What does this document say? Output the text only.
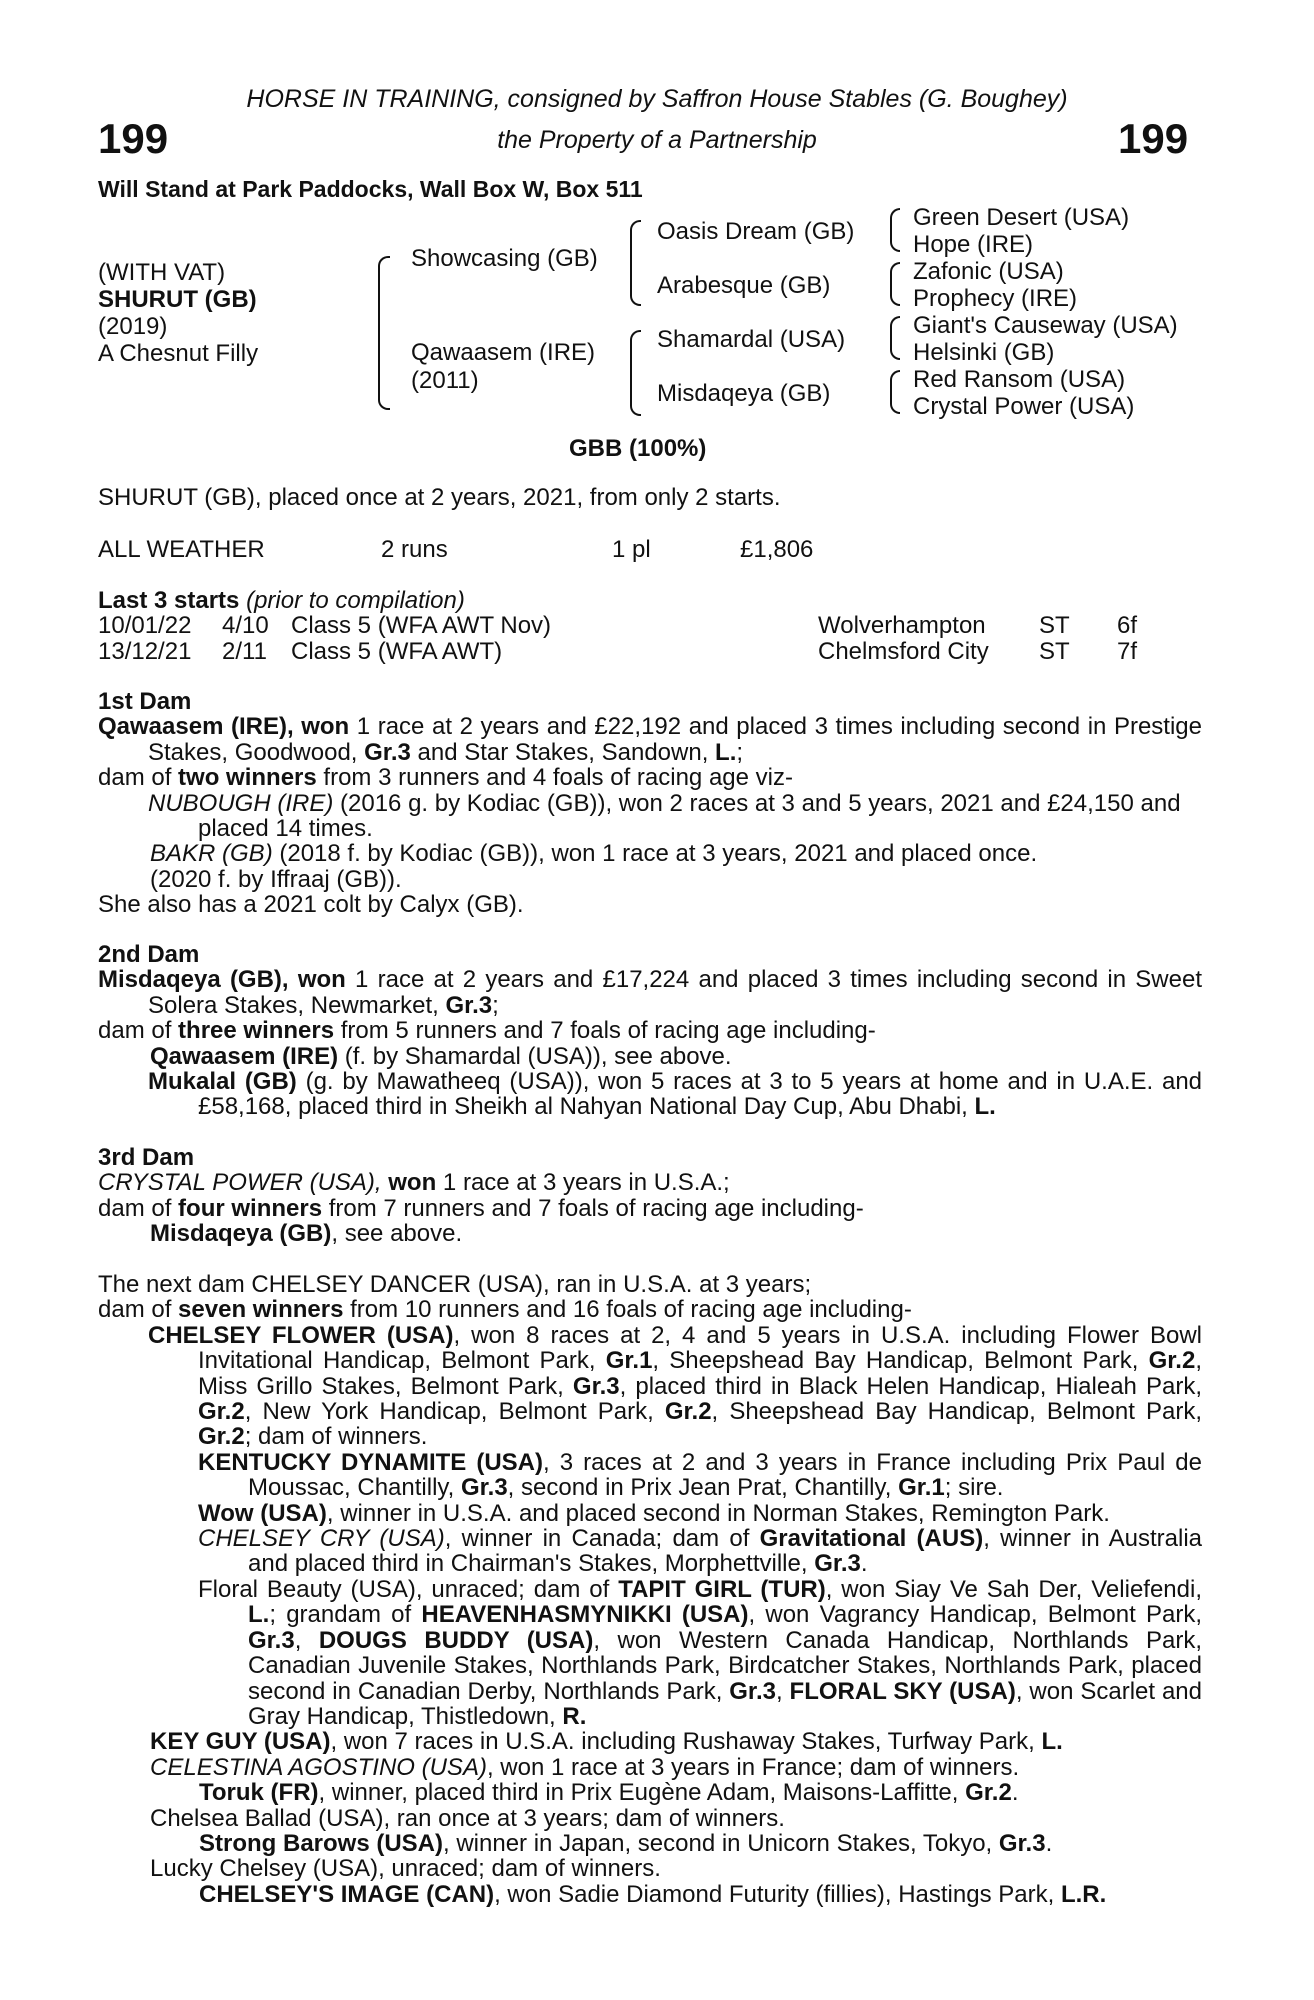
199	199
HORSE IN TRAINING, consigned by Saffron House Stables (G. Boughey)
the Property of a Partnership
Will Stand at Park Paddocks, Wall Box W, Box 511
(WITH VAT)
SHURUT (GB)
(2019)
A Chesnut Filly
Showcasing (GB)
Qawaasem (IRE)
(2011)
Oasis Dream (GB)
Arabesque (GB)
Shamardal (USA)
Misdaqeya (GB)
Green Desert (USA)
Hope (IRE)
Zafonic (USA)
Prophecy (IRE)
Giant's Causeway (USA)
Helsinki (GB)
Red Ransom (USA)
Crystal Power (USA)
GBB (100%)
SHURUT (GB), placed once at 2 years, 2021, from only 2 starts.
ALL WEATHER	2 runs	1 pl	£1,806
Last 3 starts (prior to compilation)
10/01/22 4/10 Class 5 (WFA AWT Nov)	Wolverhampton ST 6f
13/12/21 2/11 Class 5 (WFA AWT)	Chelmsford City ST 7f

1st Dam

Qawaasem (IRE), won 1 race at 2 years and £22,192 and placed 3 times including second in Prestige Stakes, Goodwood, Gr.3 and Star Stakes, Sandown, L.;

dam of two winners from 3 runners and 4 foals of racing age viz-

NUBOUGH (IRE) (2016 g. by Kodiac (GB)), won 2 races at 3 and 5 years, 2021 and £24,150 and placed 14 times.

BAKR (GB) (2018 f. by Kodiac (GB)), won 1 race at 3 years, 2021 and placed once.

(2020 f. by Iffraaj (GB)).

She also has a 2021 colt by Calyx (GB).

2nd Dam

Misdaqeya (GB), won 1 race at 2 years and £17,224 and placed 3 times including second in Sweet Solera Stakes, Newmarket, Gr.3;

dam of three winners from 5 runners and 7 foals of racing age including-

Qawaasem (IRE) (f. by Shamardal (USA)), see above.

Mukalal (GB) (g. by Mawatheeq (USA)), won 5 races at 3 to 5 years at home and in U.A.E. and £58,168, placed third in Sheikh al Nahyan National Day Cup, Abu Dhabi, L.

3rd Dam

CRYSTAL POWER (USA), won 1 race at 3 years in U.S.A.;

dam of four winners from 7 runners and 7 foals of racing age including-

Misdaqeya (GB), see above.

The next dam CHELSEY DANCER (USA), ran in U.S.A. at 3 years;

dam of seven winners from 10 runners and 16 foals of racing age including-

CHELSEY FLOWER (USA), won 8 races at 2, 4 and 5 years in U.S.A. including Flower Bowl Invitational Handicap, Belmont Park, Gr.1, Sheepshead Bay Handicap, Belmont Park, Gr.2, Miss Grillo Stakes, Belmont Park, Gr.3, placed third in Black Helen Handicap, Hialeah Park, Gr.2, New York Handicap, Belmont Park, Gr.2, Sheepshead Bay Handicap, Belmont Park, Gr.2; dam of winners.

KENTUCKY DYNAMITE (USA), 3 races at 2 and 3 years in France including Prix Paul de Moussac, Chantilly, Gr.3, second in Prix Jean Prat, Chantilly, Gr.1; sire.

Wow (USA), winner in U.S.A. and placed second in Norman Stakes, Remington Park.

CHELSEY CRY (USA), winner in Canada; dam of Gravitational (AUS), winner in Australia and placed third in Chairman's Stakes, Morphettville, Gr.3.

Floral Beauty (USA), unraced; dam of TAPIT GIRL (TUR), won Siay Ve Sah Der, Veliefendi, L.; grandam of HEAVENHASMYNIKKI (USA), won Vagrancy Handicap, Belmont Park, Gr.3, DOUGS BUDDY (USA), won Western Canada Handicap, Northlands Park, Canadian Juvenile Stakes, Northlands Park, Birdcatcher Stakes, Northlands Park, placed second in Canadian Derby, Northlands Park, Gr.3, FLORAL SKY (USA), won Scarlet and Gray Handicap, Thistledown, R.

KEY GUY (USA), won 7 races in U.S.A. including Rushaway Stakes, Turfway Park, L.

CELESTINA AGOSTINO (USA), won 1 race at 3 years in France; dam of winners.

Toruk (FR), winner, placed third in Prix Eugène Adam, Maisons-Laffitte, Gr.2.

Chelsea Ballad (USA), ran once at 3 years; dam of winners.

Strong Barows (USA), winner in Japan, second in Unicorn Stakes, Tokyo, Gr.3.

Lucky Chelsey (USA), unraced; dam of winners.

CHELSEY'S IMAGE (CAN), won Sadie Diamond Futurity (fillies), Hastings Park, L.R.
